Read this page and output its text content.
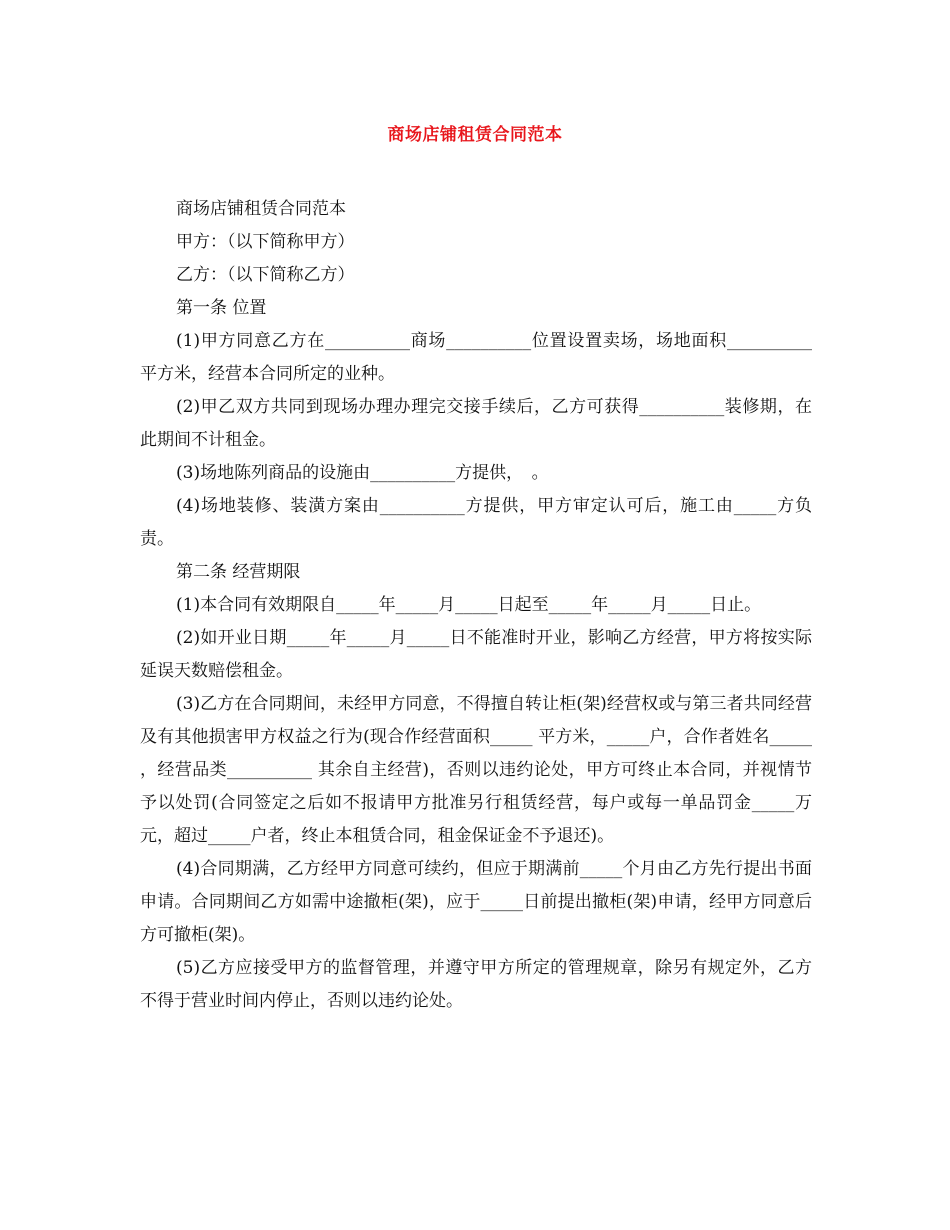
商场店铺租赁合同范本

商场店铺租赁合同范本

甲方：（以下简称甲方）

乙方：（以下简称乙方）

第一条 位置

(1)甲方同意乙方在__________商场__________位置设置卖场，场地面积__________平方米，经营本合同所定的业种。

(2)甲乙双方共同到现场办理办理完交接手续后，乙方可获得__________装修期，在此期间不计租金。

(3)场地陈列商品的设施由__________方提供，　。

(4)场地装修、装潢方案由__________方提供，甲方审定认可后，施工由_____方负责。

第二条 经营期限

(1)本合同有效期限自_____年_____月_____日起至_____年_____月_____日止。

(2)如开业日期_____年_____月_____日不能准时开业，影响乙方经营，甲方将按实际延误天数赔偿租金。

(3)乙方在合同期间，未经甲方同意，不得擅自转让柜(架)经营权或与第三者共同经营及有其他损害甲方权益之行为(现合作经营面积_____ 平方米，_____户，合作者姓名_____ ，经营品类__________ 其余自主经营)，否则以违约论处，甲方可终止本合同，并视情节予以处罚(合同签定之后如不报请甲方批准另行租赁经营，每户或每一单品罚金_____万元，超过_____户者，终止本租赁合同，租金保证金不予退还)。

(4)合同期满，乙方经甲方同意可续约，但应于期满前_____个月由乙方先行提出书面申请。合同期间乙方如需中途撤柜(架)，应于_____日前提出撤柜(架)申请，经甲方同意后方可撤柜(架)。

(5)乙方应接受甲方的监督管理，并遵守甲方所定的管理规章，除另有规定外，乙方不得于营业时间内停止，否则以违约论处。
